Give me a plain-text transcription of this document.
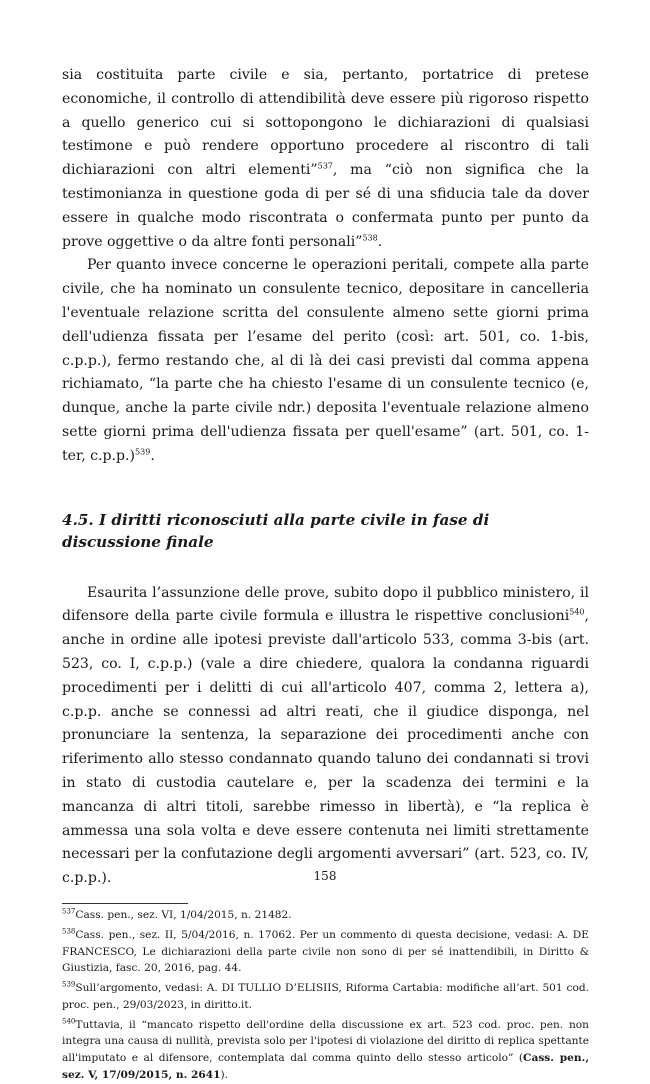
sia costituita parte civile e sia, pertanto, portatrice di pretese economiche, il controllo di attendibilità deve essere più rigoroso rispetto a quello generico cui si sottopongono le dichiarazioni di qualsiasi testimone e può rendere opportuno procedere al riscontro di tali dichiarazioni con altri elementi”$^{537}$, ma “ciò non significa che la testimonianza in questione goda di per sé di una sfiducia tale da dover essere in qualche modo riscontrata o confermata punto per punto da prove oggettive o da altre fonti personali”$^{538}$.

Per quanto invece concerne le operazioni peritali, compete alla parte civile, che ha nominato un consulente tecnico, depositare in cancelleria l'eventuale relazione scritta del consulente almeno sette giorni prima dell'udienza fissata per l’esame del perito (così: art. 501, co. 1-bis, c.p.p.), fermo restando che, al di là dei casi previsti dal comma appena richiamato, “la parte che ha chiesto l'esame di un consulente tecnico (e, dunque, anche la parte civile ndr.) deposita l'eventuale relazione almeno sette giorni prima dell'udienza fissata per quell'esame” (art. 501, co. 1-ter, c.p.p.)$^{539}$.

4.5. I diritti riconosciuti alla parte civile in fase di discussione finale

Esaurita l’assunzione delle prove, subito dopo il pubblico ministero, il difensore della parte civile formula e illustra le rispettive conclusioni$^{540}$, anche in ordine alle ipotesi previste dall'articolo 533, comma 3-bis (art. 523, co. I, c.p.p.) (vale a dire chiedere, qualora la condanna riguardi procedimenti per i delitti di cui all'articolo 407, comma 2, lettera a), c.p.p. anche se connessi ad altri reati, che il giudice disponga, nel pronunciare la sentenza, la separazione dei procedimenti anche con riferimento allo stesso condannato quando taluno dei condannati si trovi in stato di custodia cautelare e, per la scadenza dei termini e la mancanza di altri titoli, sarebbe rimesso in libertà), e “la replica è ammessa una sola volta e deve essere contenuta nei limiti strettamente necessari per la confutazione degli argomenti avversari” (art. 523, co. IV, c.p.p.).

$^{537}$Cass. pen., sez. VI, 1/04/2015, n. 21482.
$^{538}$Cass. pen., sez. II, 5/04/2016, n. 17062. Per un commento di questa decisione, vedasi: A. DE FRANCESCO, Le dichiarazioni della parte civile non sono di per sé inattendibili, in Diritto & Giustizia, fasc. 20, 2016, pag. 44.
$^{539}$Sull’argomento, vedasi: A. DI TULLIO D’ELISIIS, Riforma Cartabia: modifiche all’art. 501 cod. proc. pen., 29/03/2023, in diritto.it.
$^{540}$Tuttavia, il “mancato rispetto dell'ordine della discussione ex art. 523 cod. proc. pen. non integra una causa di nullità, prevista solo per l'ipotesi di violazione del diritto di replica spettante all'imputato e al difensore, contemplata dal comma quinto dello stesso articolo” (Cass. pen., sez. V, 17/09/2015, n. 2641).
158
